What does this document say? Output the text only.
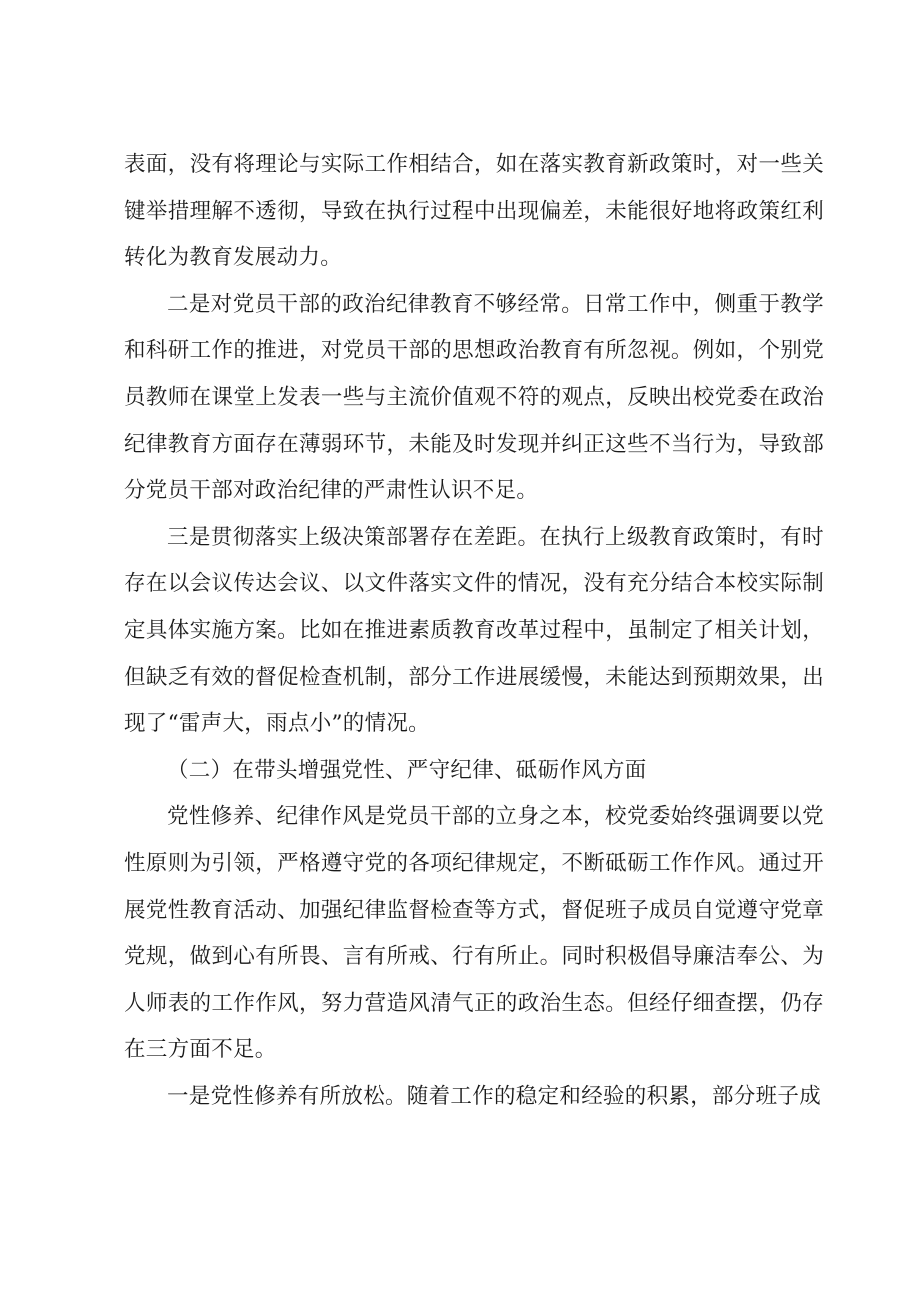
表面，没有将理论与实际工作相结合，如在落实教育新政策时，对一些关键举措理解不透彻，导致在执行过程中出现偏差，未能很好地将政策红利转化为教育发展动力。

二是对党员干部的政治纪律教育不够经常。日常工作中，侧重于教学和科研工作的推进，对党员干部的思想政治教育有所忽视。例如，个别党员教师在课堂上发表一些与主流价值观不符的观点，反映出校党委在政治纪律教育方面存在薄弱环节，未能及时发现并纠正这些不当行为，导致部分党员干部对政治纪律的严肃性认识不足。

三是贯彻落实上级决策部署存在差距。在执行上级教育政策时，有时存在以会议传达会议、以文件落实文件的情况，没有充分结合本校实际制定具体实施方案。比如在推进素质教育改革过程中，虽制定了相关计划，但缺乏有效的督促检查机制，部分工作进展缓慢，未能达到预期效果，出现了“雷声大，雨点小”的情况。

（二）在带头增强党性、严守纪律、砥砺作风方面

党性修养、纪律作风是党员干部的立身之本，校党委始终强调要以党性原则为引领，严格遵守党的各项纪律规定，不断砥砺工作作风。通过开展党性教育活动、加强纪律监督检查等方式，督促班子成员自觉遵守党章党规，做到心有所畏、言有所戒、行有所止。同时积极倡导廉洁奉公、为人师表的工作作风，努力营造风清气正的政治生态。但经仔细查摆，仍存在三方面不足。

一是党性修养有所放松。随着工作的稳定和经验的积累，部分班子成
